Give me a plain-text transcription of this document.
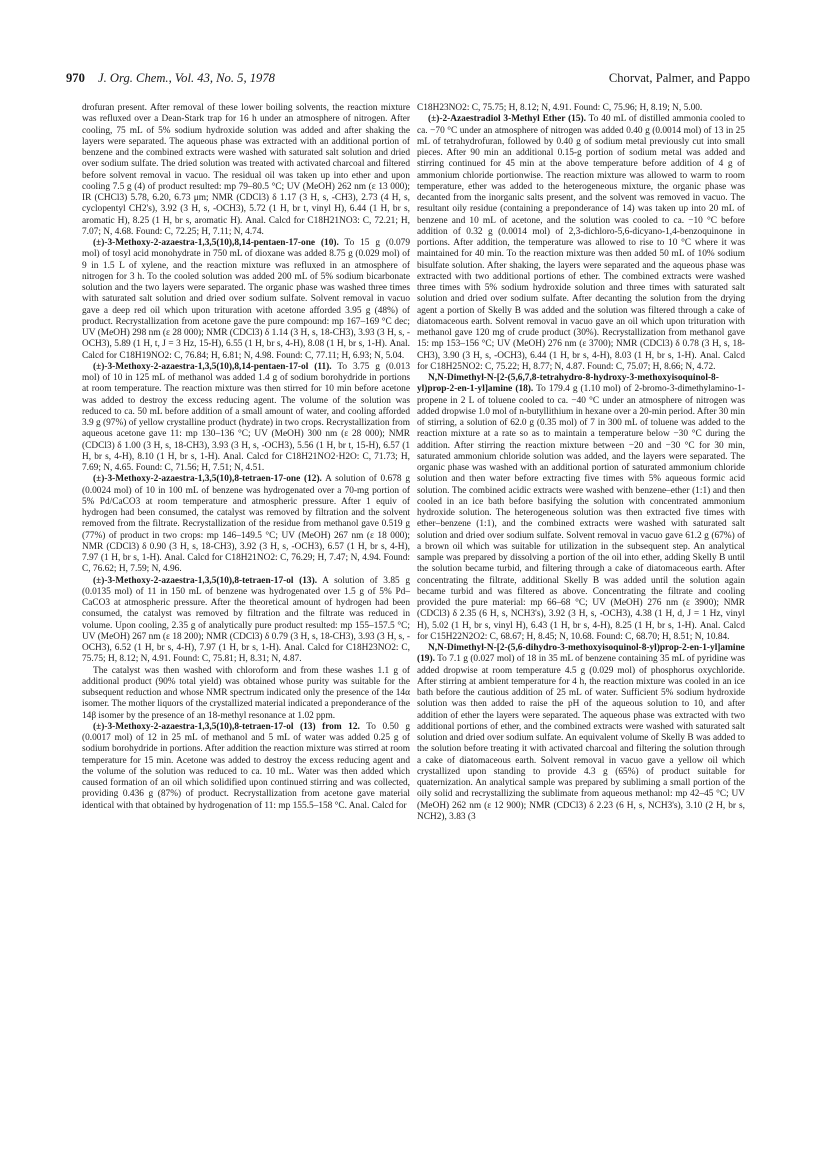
970 J. Org. Chem., Vol. 43, No. 5, 1978	Chorvat, Palmer, and Pappo

drofuran present. After removal of these lower boiling solvents, the reaction mixture was refluxed over a Dean-Stark trap for 16 h under an atmosphere of nitrogen. After cooling, 75 mL of 5% sodium hydroxide solution was added and after shaking the layers were separated. The aqueous phase was extracted with an additional portion of benzene and the combined extracts were washed with saturated salt solution and dried over sodium sulfate. The dried solution was treated with activated charcoal and filtered before solvent removal in vacuo. The residual oil was taken up into ether and upon cooling 7.5 g (4) of product resulted: mp 79–80.5 °C; UV (MeOH) 262 nm (ε 13 000); IR (CHCl3) 5.78, 6.20, 6.73 μm; NMR (CDCl3) δ 1.17 (3 H, s, -CH3), 2.73 (4 H, s, cyclopentyl CH2's), 3.92 (3 H, s, -OCH3), 5.72 (1 H, br t, vinyl H), 6.44 (1 H, br s, aromatic H), 8.25 (1 H, br s, aromatic H). Anal. Calcd for C18H21NO3: C, 72.21; H, 7.07; N, 4.68. Found: C, 72.25; H, 7.11; N, 4.74.

(±)-3-Methoxy-2-azaestra-1,3,5(10),8,14-pentaen-17-one (10). To 15 g (0.079 mol) of tosyl acid monohydrate in 750 mL of dioxane was added 8.75 g (0.029 mol) of 9 in 1.5 L of xylene, and the reaction mixture was refluxed in an atmosphere of nitrogen for 3 h. To the cooled solution was added 200 mL of 5% sodium bicarbonate solution and the two layers were separated. The organic phase was washed three times with saturated salt solution and dried over sodium sulfate. Solvent removal in vacuo gave a deep red oil which upon trituration with acetone afforded 3.95 g (48%) of product. Recrystallization from acetone gave the pure compound: mp 167–169 °C dec; UV (MeOH) 298 nm (ε 28 000); NMR (CDCl3) δ 1.14 (3 H, s, 18-CH3), 3.93 (3 H, s, -OCH3), 5.89 (1 H, t, J = 3 Hz, 15-H), 6.55 (1 H, br s, 4-H), 8.08 (1 H, br s, 1-H). Anal. Calcd for C18H19NO2: C, 76.84; H, 6.81; N, 4.98. Found: C, 77.11; H, 6.93; N, 5.04.

(±)-3-Methoxy-2-azaestra-1,3,5(10),8,14-pentaen-17-ol (11). To 3.75 g (0.013 mol) of 10 in 125 mL of methanol was added 1.4 g of sodium borohydride in portions at room temperature. The reaction mixture was then stirred for 10 min before acetone was added to destroy the excess reducing agent. The volume of the solution was reduced to ca. 50 mL before addition of a small amount of water, and cooling afforded 3.9 g (97%) of yellow crystalline product (hydrate) in two crops. Recrystallization from aqueous acetone gave 11: mp 130–136 °C; UV (MeOH) 300 nm (ε 28 000); NMR (CDCl3) δ 1.00 (3 H, s, 18-CH3), 3.93 (3 H, s, -OCH3), 5.56 (1 H, br t, 15-H), 6.57 (1 H, br s, 4-H), 8.10 (1 H, br s, 1-H). Anal. Calcd for C18H21NO2·H2O: C, 71.73; H, 7.69; N, 4.65. Found: C, 71.56; H, 7.51; N, 4.51.

(±)-3-Methoxy-2-azaestra-1,3,5(10),8-tetraen-17-one (12). A solution of 0.678 g (0.0024 mol) of 10 in 100 mL of benzene was hydrogenated over a 70-mg portion of 5% Pd/CaCO3 at room temperature and atmospheric pressure. After 1 equiv of hydrogen had been consumed, the catalyst was removed by filtration and the solvent removed from the filtrate. Recrystallization of the residue from methanol gave 0.519 g (77%) of product in two crops: mp 146–149.5 °C; UV (MeOH) 267 nm (ε 18 000); NMR (CDCl3) δ 0.90 (3 H, s, 18-CH3), 3.92 (3 H, s, -OCH3), 6.57 (1 H, br s, 4-H), 7.97 (1 H, br s, 1-H). Anal. Calcd for C18H21NO2: C, 76.29; H, 7.47; N, 4.94. Found: C, 76.62; H, 7.59; N, 4.96.

(±)-3-Methoxy-2-azaestra-1,3,5(10),8-tetraen-17-ol (13). A solution of 3.85 g (0.0135 mol) of 11 in 150 mL of benzene was hydrogenated over 1.5 g of 5% Pd–CaCO3 at atmospheric pressure. After the theoretical amount of hydrogen had been consumed, the catalyst was removed by filtration and the filtrate was reduced in volume. Upon cooling, 2.35 g of analytically pure product resulted: mp 155–157.5 °C; UV (MeOH) 267 nm (ε 18 200); NMR (CDCl3) δ 0.79 (3 H, s, 18-CH3), 3.93 (3 H, s, -OCH3), 6.52 (1 H, br s, 4-H), 7.97 (1 H, br s, 1-H). Anal. Calcd for C18H23NO2: C, 75.75; H, 8.12; N, 4.91. Found: C, 75.81; H, 8.31; N, 4.87.

The catalyst was then washed with chloroform and from these washes 1.1 g of additional product (90% total yield) was obtained whose purity was suitable for the subsequent reduction and whose NMR spectrum indicated only the presence of the 14α isomer. The mother liquors of the crystallized material indicated a preponderance of the 14β isomer by the presence of an 18-methyl resonance at 1.02 ppm.

(±)-3-Methoxy-2-azaestra-1,3,5(10),8-tetraen-17-ol (13) from 12. To 0.50 g (0.0017 mol) of 12 in 25 mL of methanol and 5 mL of water was added 0.25 g of sodium borohydride in portions. After addition the reaction mixture was stirred at room temperature for 15 min. Acetone was added to destroy the excess reducing agent and the volume of the solution was reduced to ca. 10 mL. Water was then added which caused formation of an oil which solidified upon continued stirring and was collected, providing 0.436 g (87%) of product. Recrystallization from acetone gave material identical with that obtained by hydrogenation of 11: mp 155.5–158 °C. Anal. Calcd for

C18H23NO2: C, 75.75; H, 8.12; N, 4.91. Found: C, 75.96; H, 8.19; N, 5.00.

(±)-2-Azaestradiol 3-Methyl Ether (15). To 40 mL of distilled ammonia cooled to ca. −70 °C under an atmosphere of nitrogen was added 0.40 g (0.0014 mol) of 13 in 25 mL of tetrahydrofuran, followed by 0.40 g of sodium metal previously cut into small pieces. After 90 min an additional 0.15-g portion of sodium metal was added and stirring continued for 45 min at the above temperature before addition of 4 g of ammonium chloride portionwise. The reaction mixture was allowed to warm to room temperature, ether was added to the heterogeneous mixture, the organic phase was decanted from the inorganic salts present, and the solvent was removed in vacuo. The resultant oily residue (containing a preponderance of 14) was taken up into 20 mL of benzene and 10 mL of acetone, and the solution was cooled to ca. −10 °C before addition of 0.32 g (0.0014 mol) of 2,3-dichloro-5,6-dicyano-1,4-benzoquinone in portions. After addition, the temperature was allowed to rise to 10 °C where it was maintained for 40 min. To the reaction mixture was then added 50 mL of 10% sodium bisulfate solution. After shaking, the layers were separated and the aqueous phase was extracted with two additional portions of ether. The combined extracts were washed three times with 5% sodium hydroxide solution and three times with saturated salt solution and dried over sodium sulfate. After decanting the solution from the drying agent a portion of Skelly B was added and the solution was filtered through a cake of diatomaceous earth. Solvent removal in vacuo gave an oil which upon trituration with methanol gave 120 mg of crude product (30%). Recrystallization from methanol gave 15: mp 153–156 °C; UV (MeOH) 276 nm (ε 3700); NMR (CDCl3) δ 0.78 (3 H, s, 18-CH3), 3.90 (3 H, s, -OCH3), 6.44 (1 H, br s, 4-H), 8.03 (1 H, br s, 1-H). Anal. Calcd for C18H25NO2: C, 75.22; H, 8.77; N, 4.87. Found: C, 75.07; H, 8.66; N, 4.72.

N,N-Dimethyl-N-[2-(5,6,7,8-tetrahydro-8-hydroxy-3-methoxyisoquinol-8-yl)prop-2-en-1-yl]amine (18). To 179.4 g (1.10 mol) of 2-bromo-3-dimethylamino-1-propene in 2 L of toluene cooled to ca. −40 °C under an atmosphere of nitrogen was added dropwise 1.0 mol of n-butyllithium in hexane over a 20-min period. After 30 min of stirring, a solution of 62.0 g (0.35 mol) of 7 in 300 mL of toluene was added to the reaction mixture at a rate so as to maintain a temperature below −30 °C during the addition. After stirring the reaction mixture between −20 and −30 °C for 30 min, saturated ammonium chloride solution was added, and the layers were separated. The organic phase was washed with an additional portion of saturated ammonium chloride solution and then water before extracting five times with 5% aqueous formic acid solution. The combined acidic extracts were washed with benzene–ether (1:1) and then cooled in an ice bath before basifying the solution with concentrated ammonium hydroxide solution. The heterogeneous solution was then extracted five times with ether–benzene (1:1), and the combined extracts were washed with saturated salt solution and dried over sodium sulfate. Solvent removal in vacuo gave 61.2 g (67%) of a brown oil which was suitable for utilization in the subsequent step. An analytical sample was prepared by dissolving a portion of the oil into ether, adding Skelly B until the solution became turbid, and filtering through a cake of diatomaceous earth. After concentrating the filtrate, additional Skelly B was added until the solution again became turbid and was filtered as above. Concentrating the filtrate and cooling provided the pure material: mp 66–68 °C; UV (MeOH) 276 nm (ε 3900); NMR (CDCl3) δ 2.35 (6 H, s, NCH3's), 3.92 (3 H, s, -OCH3), 4.38 (1 H, d, J = 1 Hz, vinyl H), 5.02 (1 H, br s, vinyl H), 6.43 (1 H, br s, 4-H), 8.25 (1 H, br s, 1-H). Anal. Calcd for C15H22N2O2: C, 68.67; H, 8.45; N, 10.68. Found: C, 68.70; H, 8.51; N, 10.84.

N,N-Dimethyl-N-[2-(5,6-dihydro-3-methoxyisoquinol-8-yl)prop-2-en-1-yl]amine (19). To 7.1 g (0.027 mol) of 18 in 35 mL of benzene containing 35 mL of pyridine was added dropwise at room temperature 4.5 g (0.029 mol) of phosphorus oxychloride. After stirring at ambient temperature for 4 h, the reaction mixture was cooled in an ice bath before the cautious addition of 25 mL of water. Sufficient 5% sodium hydroxide solution was then added to raise the pH of the aqueous solution to 10, and after addition of ether the layers were separated. The aqueous phase was extracted with two additional portions of ether, and the combined extracts were washed with saturated salt solution and dried over sodium sulfate. An equivalent volume of Skelly B was added to the solution before treating it with activated charcoal and filtering the solution through a cake of diatomaceous earth. Solvent removal in vacuo gave a yellow oil which crystallized upon standing to provide 4.3 g (65%) of product suitable for quaternization. An analytical sample was prepared by subliming a small portion of the oily solid and recrystallizing the sublimate from aqueous methanol: mp 42–45 °C; UV (MeOH) 262 nm (ε 12 900); NMR (CDCl3) δ 2.23 (6 H, s, NCH3's), 3.10 (2 H, br s, NCH2), 3.83 (3
